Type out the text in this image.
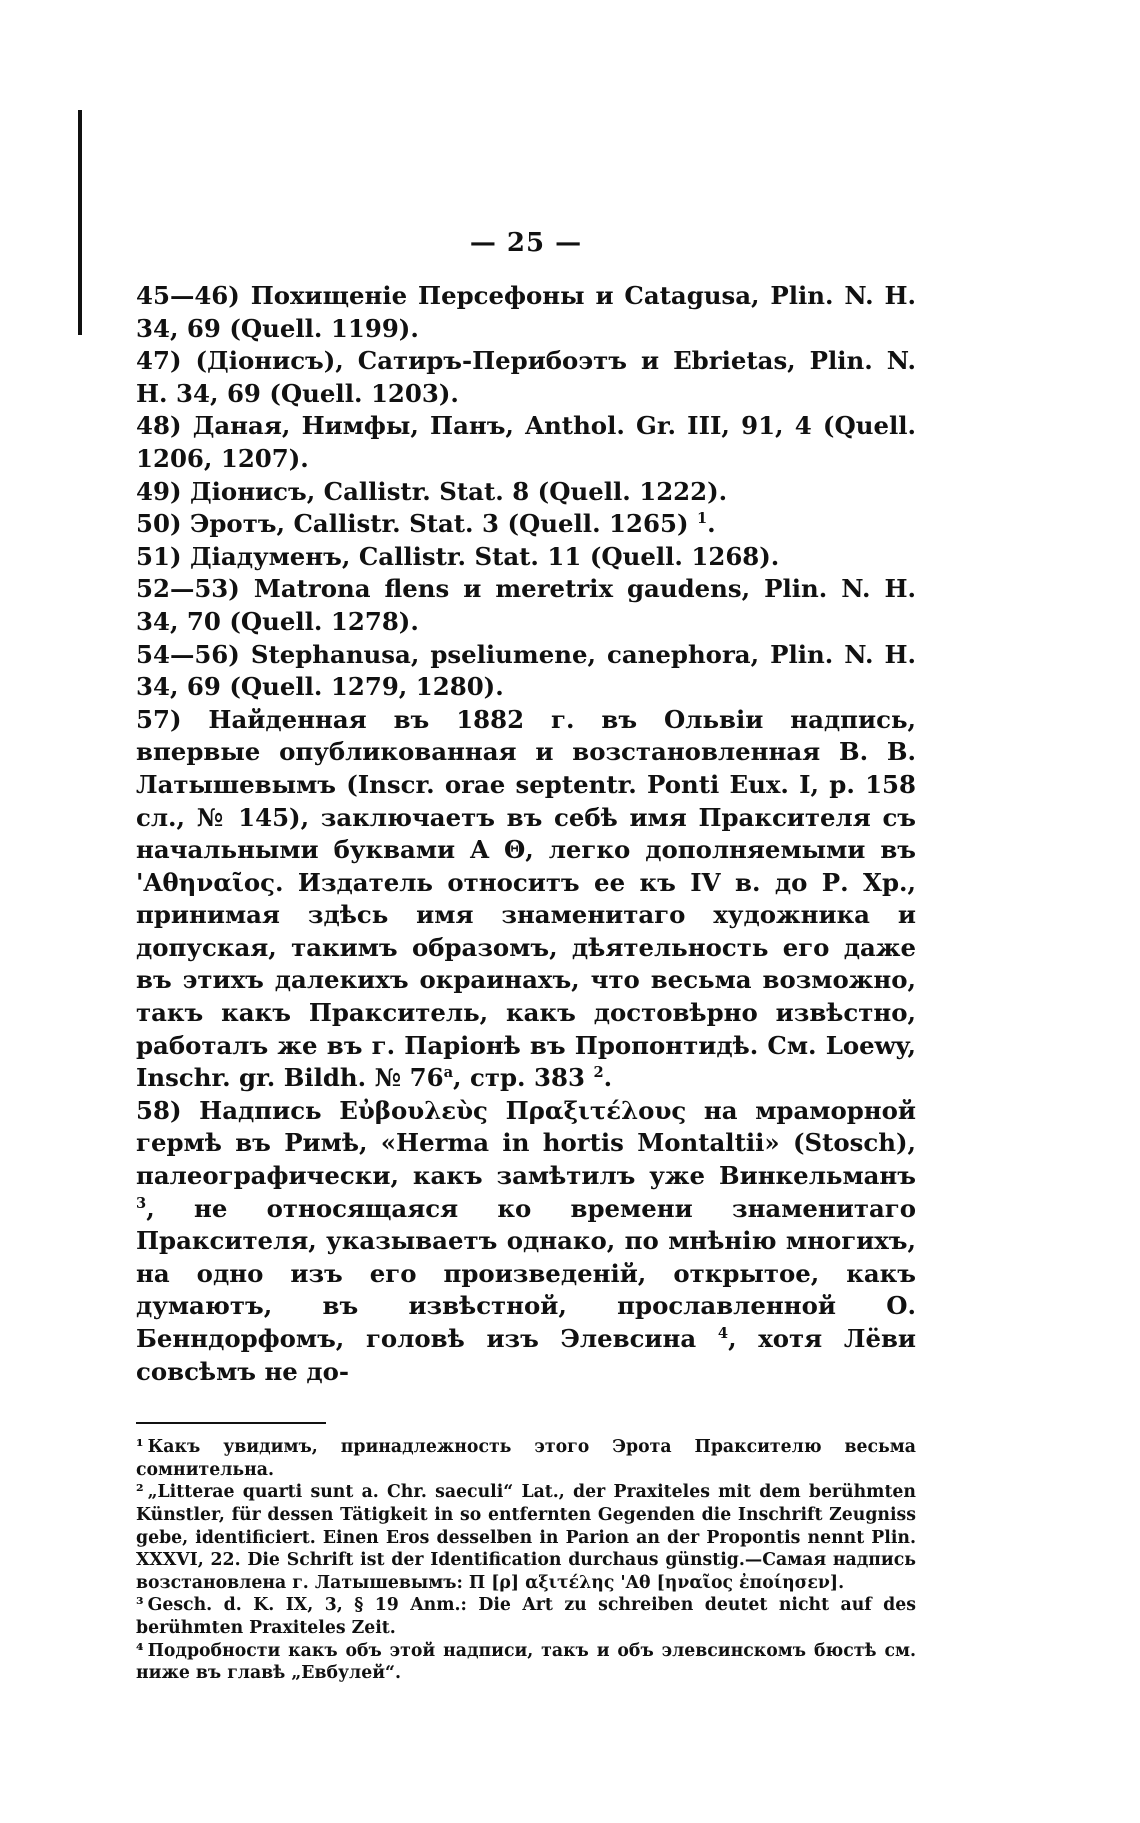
— 25 —
45—46) Похищеніе Персефоны и Catagusa, Plin. N. H. 34, 69 (Quell. 1199).
47) (Діонисъ), Сатиръ-Перибоэтъ и Ebrietas, Plin. N. H. 34, 69 (Quell. 1203).
48) Даная, Нимфы, Панъ, Anthol. Gr. III, 91, 4 (Quell. 1206, 1207).
49) Діонисъ, Callistr. Stat. 8 (Quell. 1222).
50) Эротъ, Callistr. Stat. 3 (Quell. 1265) $^1$.
51) Діадуменъ, Callistr. Stat. 11 (Quell. 1268).
52—53) Matrona flens и meretrix gaudens, Plin. N. H. 34, 70 (Quell. 1278).
54—56) Stephanusa, pseliumene, canephora, Plin. N. H. 34, 69 (Quell. 1279, 1280).
57) Найденная въ 1882 г. въ Ольвіи надпись, впервые опубликованная и возстановленная В. В. Латышевымъ (Inscr. orae septentr. Ponti Eux. I, p. 158 сл., № 145), заключаетъ въ себѣ имя Праксителя съ начальными буквами Α Θ, легко дополняемыми въ 'Αθηναῖος. Издатель относитъ ее къ IV в. до Р. Хр., принимая здѣсь имя знаменитаго художника и допуская, такимъ образомъ, дѣятельность его даже въ этихъ далекихъ окраинахъ, что весьма возможно, такъ какъ Пракситель, какъ достовѣрно извѣстно, работалъ же въ г. Паріонѣ въ Пропонтидѣ. См. Loewy, Inschr. gr. Bildh. № 76$^a$, стр. 383 $^2$.
58) Надпись Εὐβουλεὺς Πραξιτέλους на мраморной гермѣ въ Римѣ, «Herma in hortis Montaltii» (Stosch), палеографически, какъ замѣтилъ уже Винкельманъ $^3$, не относящаяся ко времени знаменитаго Праксителя, указываетъ однако, по мнѣнію многихъ, на одно изъ его произведеній, открытое, какъ думаютъ, въ извѣстной, прославленной О. Бенндорфомъ, головѣ изъ Элевсина $^4$, хотя Лёви совсѣмъ не до-
¹ Какъ увидимъ, принадлежность этого Эрота Праксителю весьма сомнительна.
² „Litterae quarti sunt a. Chr. saeculi“ Lat., der Praxiteles mit dem berühmten Künstler, für dessen Tätigkeit in so entfernten Gegenden die Inschrift Zeugniss gebe, identificiert. Einen Eros desselben in Parion an der Propontis nennt Plin. XXXVI, 22. Die Schrift ist der Identification durchaus günstig.—Самая надпись возстановлена г. Латышевымъ: Π [ρ] αξιτέλης 'Αθ [ηναῖος ἐποίησεν].
³ Gesch. d. K. IX, 3, § 19 Anm.: Die Art zu schreiben deutet nicht auf des berühmten Praxiteles Zeit.
⁴ Подробности какъ объ этой надписи, такъ и объ элевсинскомъ бюстѣ см. ниже въ главѣ „Евбулей“.
